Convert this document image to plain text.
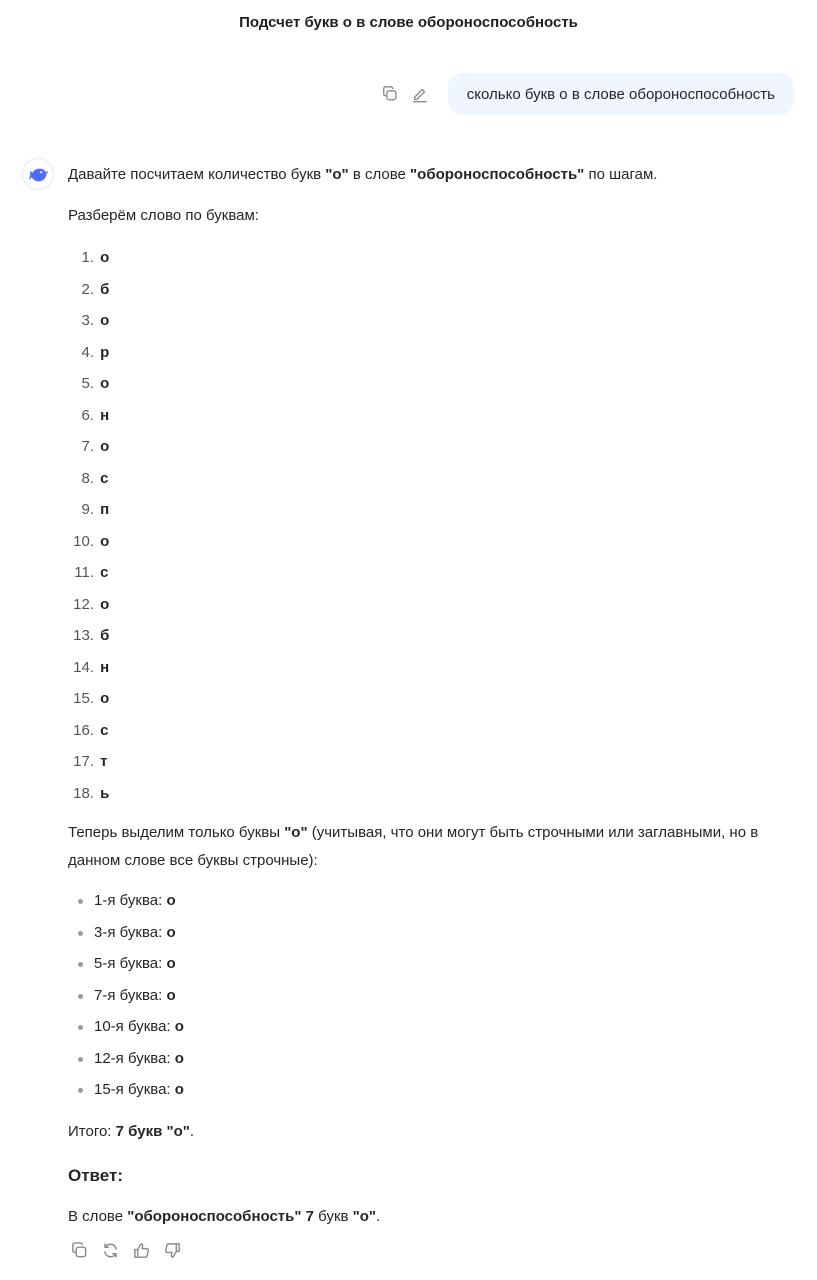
Подсчет букв о в слове обороноспособность
сколько букв о в слове обороноспособность
Давайте посчитаем количество букв "о" в слове "обороноспособность" по шагам.
Разберём слово по буквам:
1. о
2. б
3. о
4. р
5. о
6. н
7. о
8. с
9. п
10. о
11. с
12. о
13. б
14. н
15. о
16. с
17. т
18. ь
Теперь выделим только буквы "о" (учитывая, что они могут быть строчными или заглавными, но в
данном слове все буквы строчные):
1-я буква: о
3-я буква: о
5-я буква: о
7-я буква: о
10-я буква: о
12-я буква: о
15-я буква: о
Итого: 7 букв "о".
Ответ:
В слове "обороноспособность" 7 букв "о".
